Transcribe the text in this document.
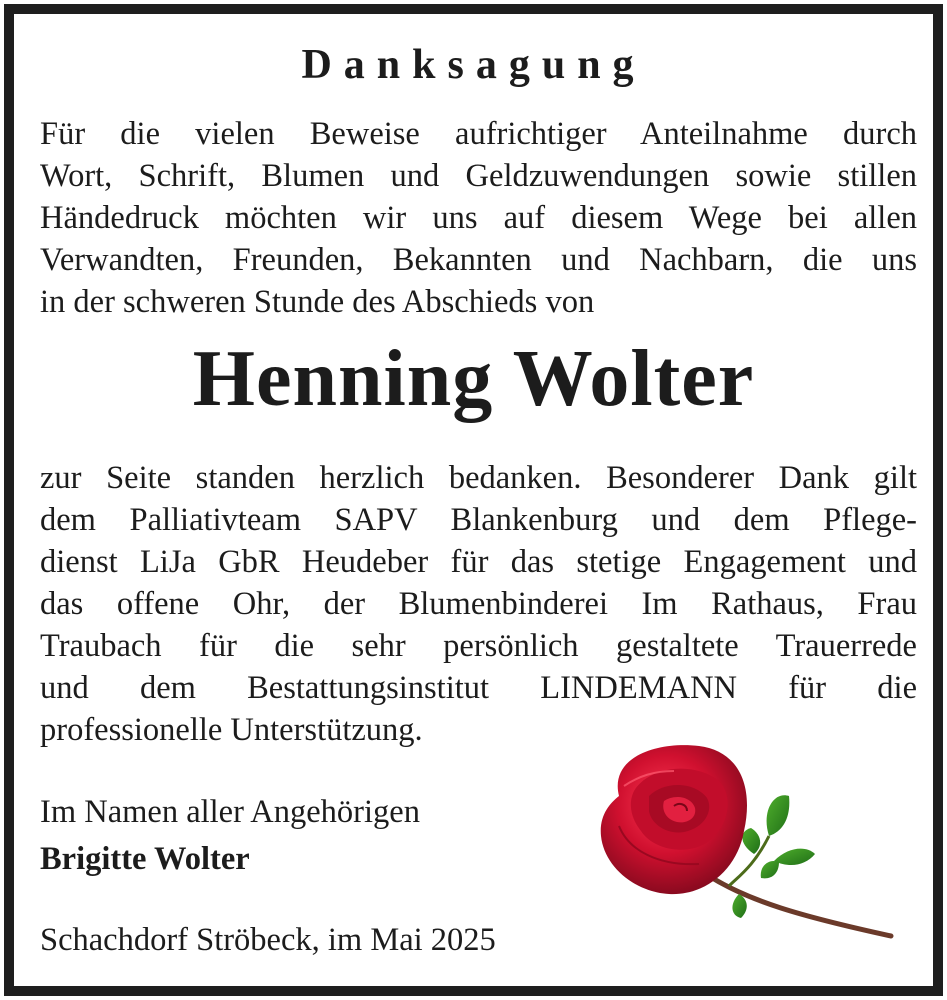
Danksagung
Für die vielen Beweise aufrichtiger Anteilnahme durch
Wort, Schrift, Blumen und Geldzuwendungen sowie stillen
Händedruck möchten wir uns auf diesem Wege bei allen
Verwandten, Freunden, Bekannten und Nachbarn, die uns
in der schweren Stunde des Abschieds von
Henning Wolter
zur Seite standen herzlich bedanken. Besonderer Dank gilt
dem Palliativteam SAPV Blankenburg und dem Pflege-
dienst LiJa GbR Heudeber für das stetige Engagement und
das offene Ohr, der Blumenbinderei Im Rathaus, Frau
Traubach für die sehr persönlich gestaltete Trauerrede
und dem Bestattungsinstitut LINDEMANN für die
professionelle Unterstützung.
Im Namen aller Angehörigen
Brigitte Wolter
Schachdorf Ströbeck, im Mai 2025
